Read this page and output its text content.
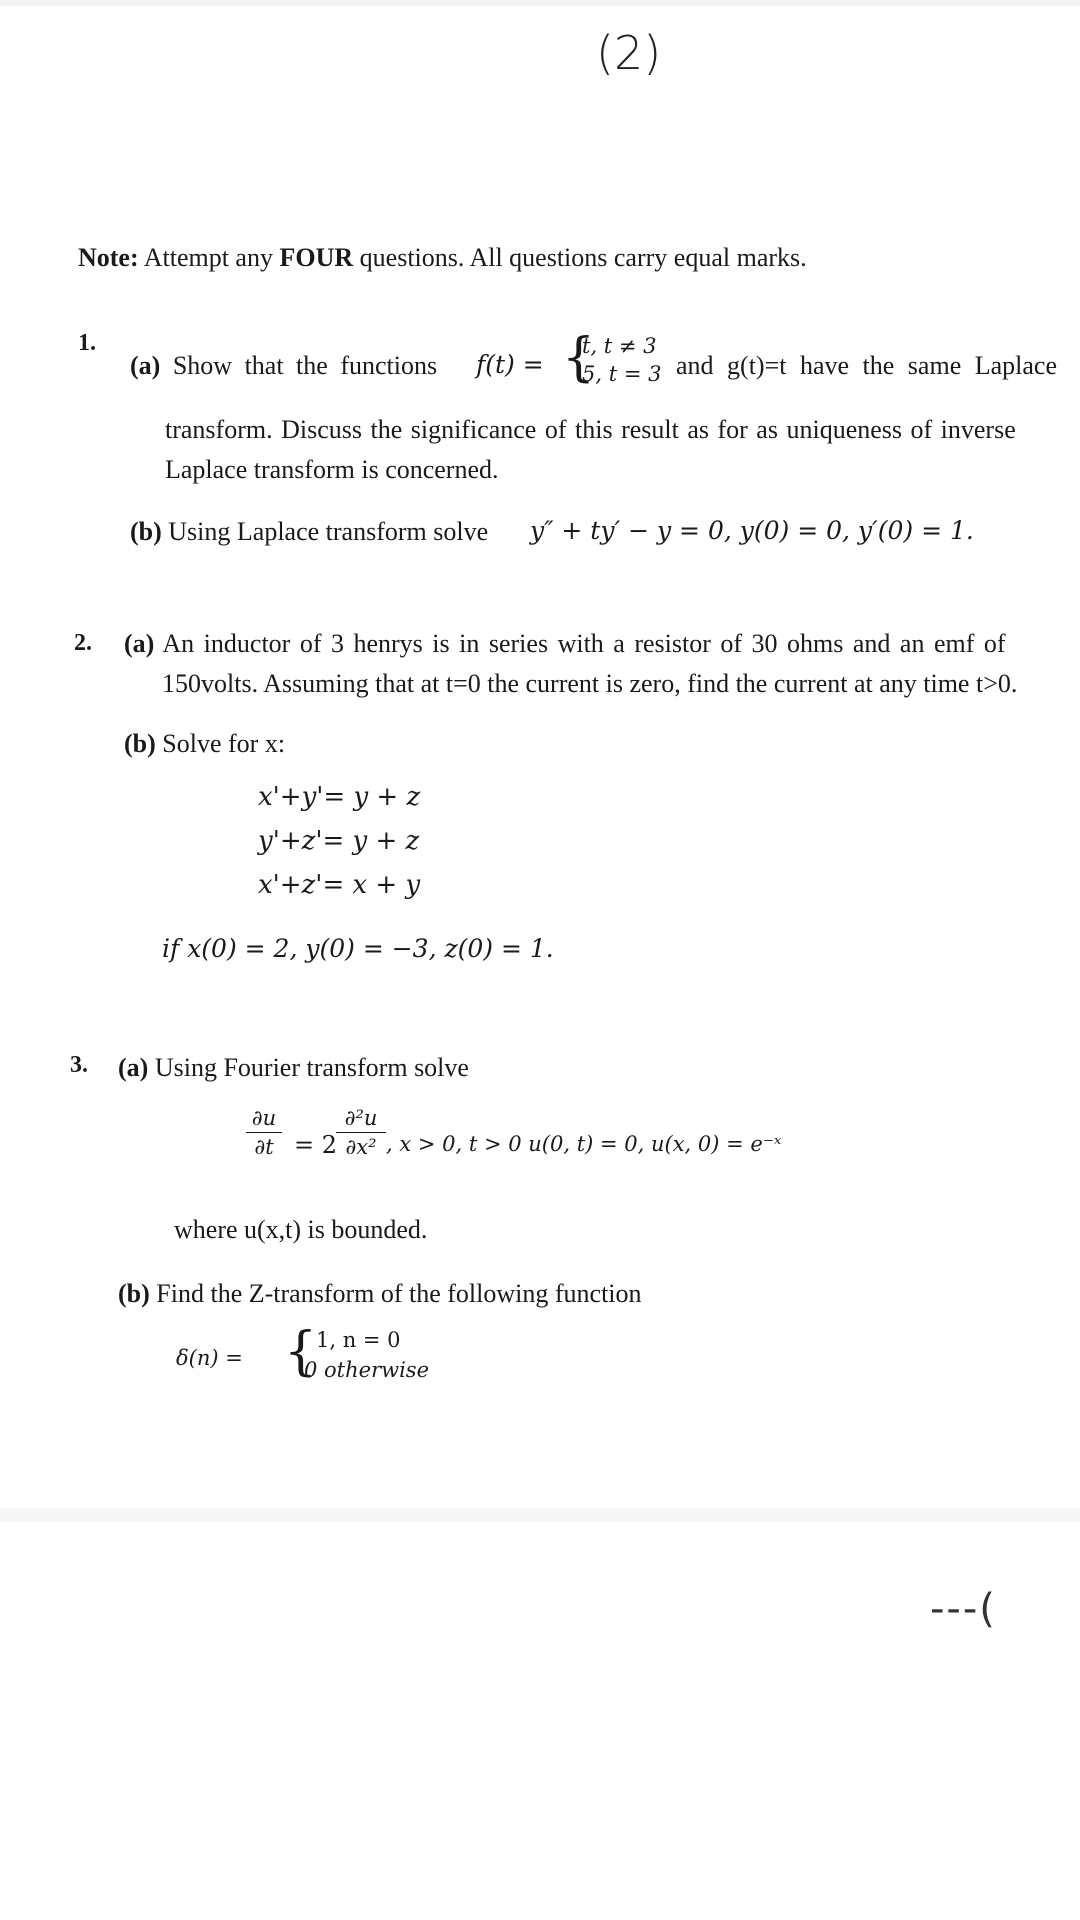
(2)
Note: Attempt any FOUR questions. All questions carry equal marks.
1.
(a) Show that the functions f(t) = {
t, t ≠ 3
5, t = 3 and g(t)=t have the same Laplace
transform. Discuss the significance of this result as for as uniqueness of inverse
Laplace transform is concerned.
(b) Using Laplace transform solve y″ + ty′ − y = 0, y(0) = 0, y′(0) = 1.
2. (a) An inductor of 3 henrys is in series with a resistor of 30 ohms and an emf of
150volts. Assuming that at t=0 the current is zero, find the current at any time t>0.
(b) Solve for x:
x'+y'= y + z
y'+z'= y + z
x'+z'= x + y
if x(0) = 2, y(0) = −3, z(0) = 1.
3. (a) Using Fourier transform solve
∂u
∂t = 2
∂²u
∂x² , x > 0, t > 0 u(0, t) = 0, u(x, 0) = e⁻ˣ
where u(x,t) is bounded.
(b) Find the Z-transform of the following function
δ(n) = {
1, n = 0
0 otherwise
---(
